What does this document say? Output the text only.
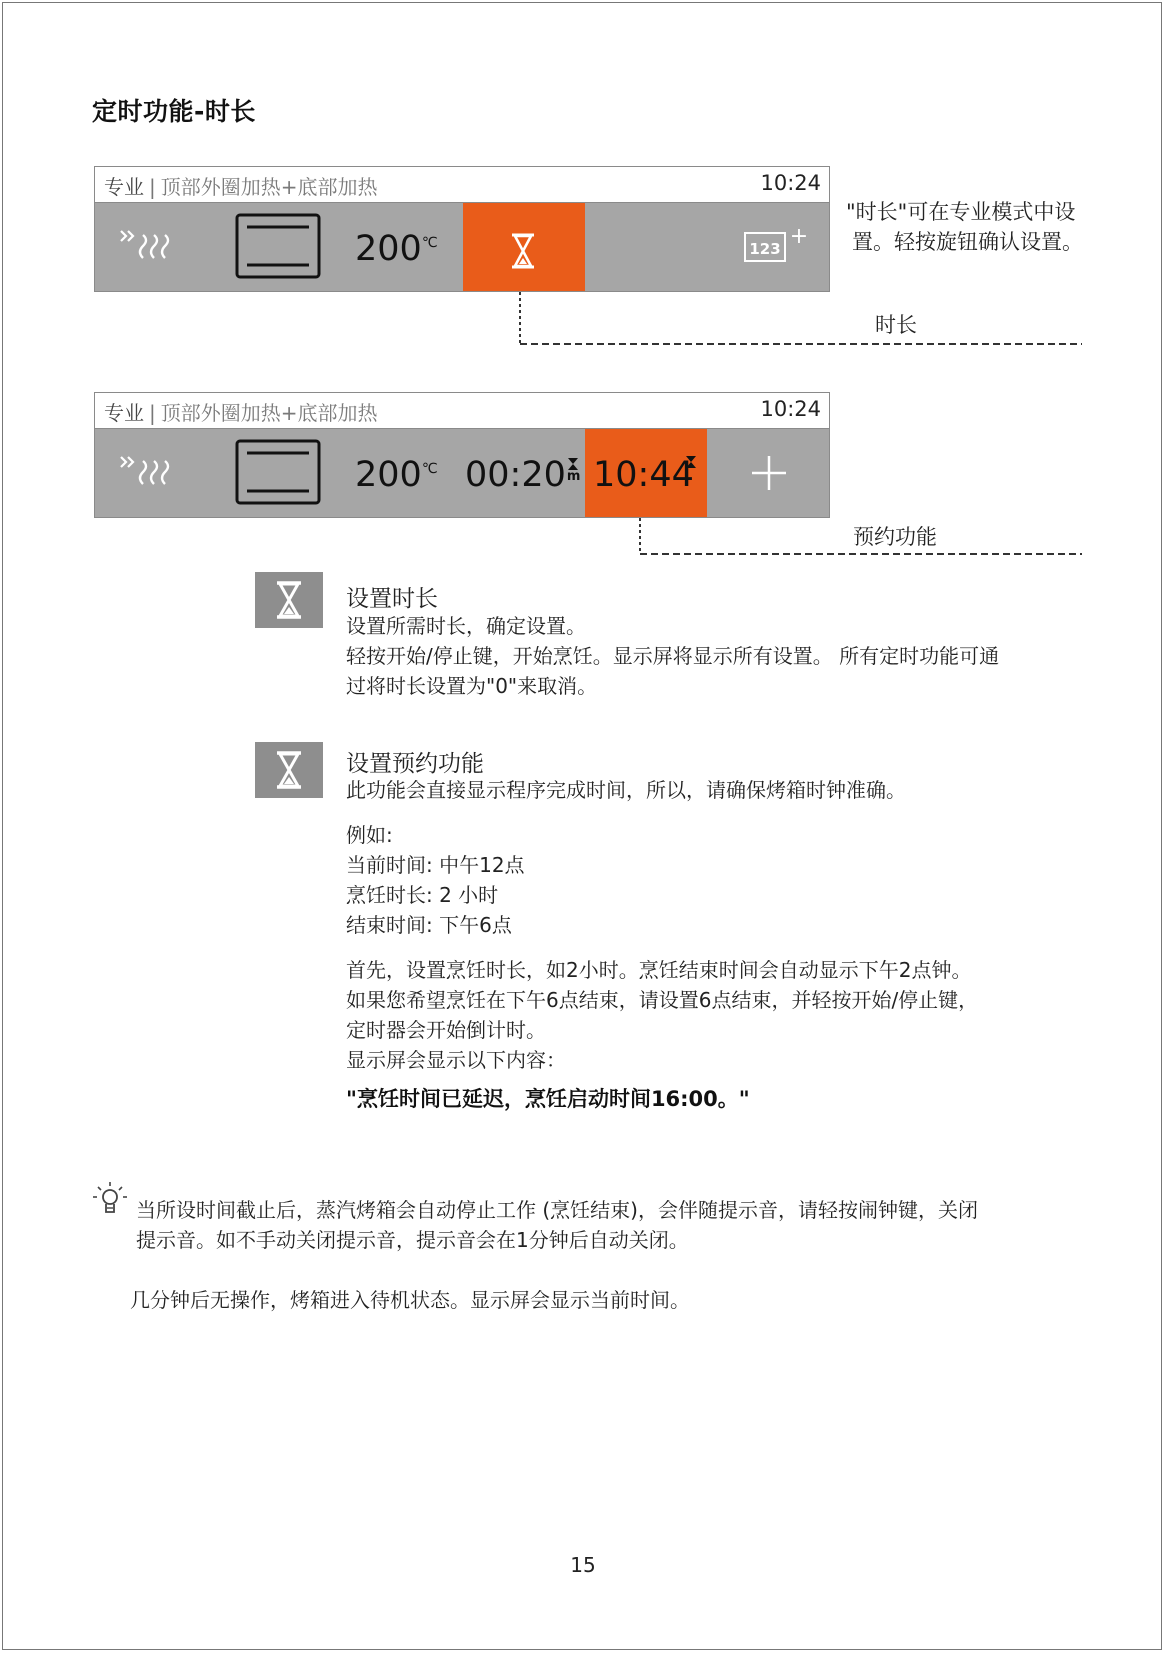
定时功能-时长
专业 | 顶部外圈加热+底部加热	10:24
200℃	123 +
"时长"可在专业模式中设
置。轻按旋钮确认设置。
时长
专业 | 顶部外圈加热+底部加热	10:24
200℃ 00:20 m 10:44
预约功能
设置时长
设置所需时长，确定设置。
轻按开始/停止键，开始烹饪。显示屏将显示所有设置。 所有定时功能可通
过将时长设置为"0"来取消。
设置预约功能
此功能会直接显示程序完成时间，所以，请确保烤箱时钟准确。
例如:
当前时间: 中午12点
烹饪时长: 2 小时
结束时间: 下午6点
首先，设置烹饪时长，如2小时。烹饪结束时间会自动显示下午2点钟。
如果您希望烹饪在下午6点结束，请设置6点结束，并轻按开始/停止键，
定时器会开始倒计时。
显示屏会显示以下内容：
"烹饪时间已延迟，烹饪启动时间16:00。"
当所设时间截止后，蒸汽烤箱会自动停止工作 (烹饪结束)，会伴随提示音，请轻按闹钟键，关闭
提示音。如不手动关闭提示音，提示音会在1分钟后自动关闭。
几分钟后无操作，烤箱进入待机状态。显示屏会显示当前时间。
15
